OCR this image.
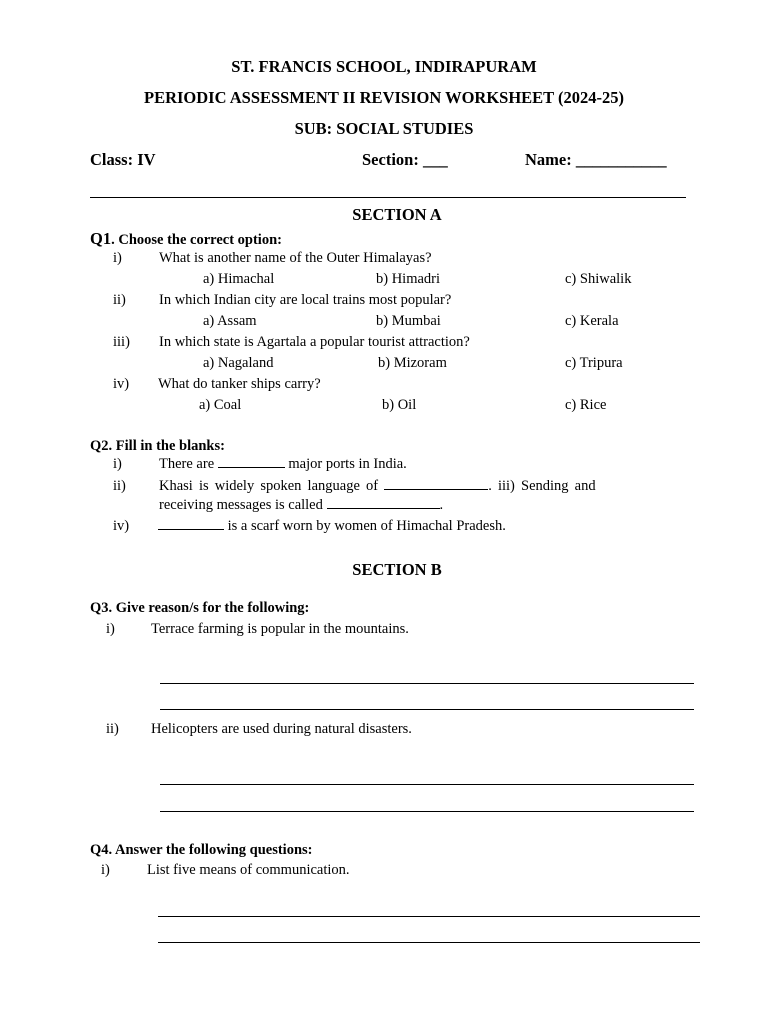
ST. FRANCIS SCHOOL, INDIRAPURAM
PERIODIC ASSESSMENT II REVISION WORKSHEET (2024-25)
SUB: SOCIAL STUDIES
Class: IV	Section: ___	Name: ___________
SECTION A
Q1. Choose the correct option:
i)	What is another name of the Outer Himalayas?
a) Himachal	b) Himadri	c) Shiwalik
ii) In which Indian city are local trains most popular?
a) Assam	b) Mumbai	c) Kerala
iii) In which state is Agartala a popular tourist attraction?
a) Nagaland	b) Mizoram	c) Tripura
iv) What do tanker ships carry?
a) Coal	b) Oil	c) Rice
Q2. Fill in the blanks:
i)	There are	major ports in India.
ii) Khasi is widely spoken language of	. iii) Sending and
receiving messages is called	.
iv)	is a scarf worn by women of Himachal Pradesh.
SECTION B
Q3. Give reason/s for the following:
i) Terrace farming is popular in the mountains.
ii) Helicopters are used during natural disasters.
Q4. Answer the following questions:
i)	List five means of communication.
